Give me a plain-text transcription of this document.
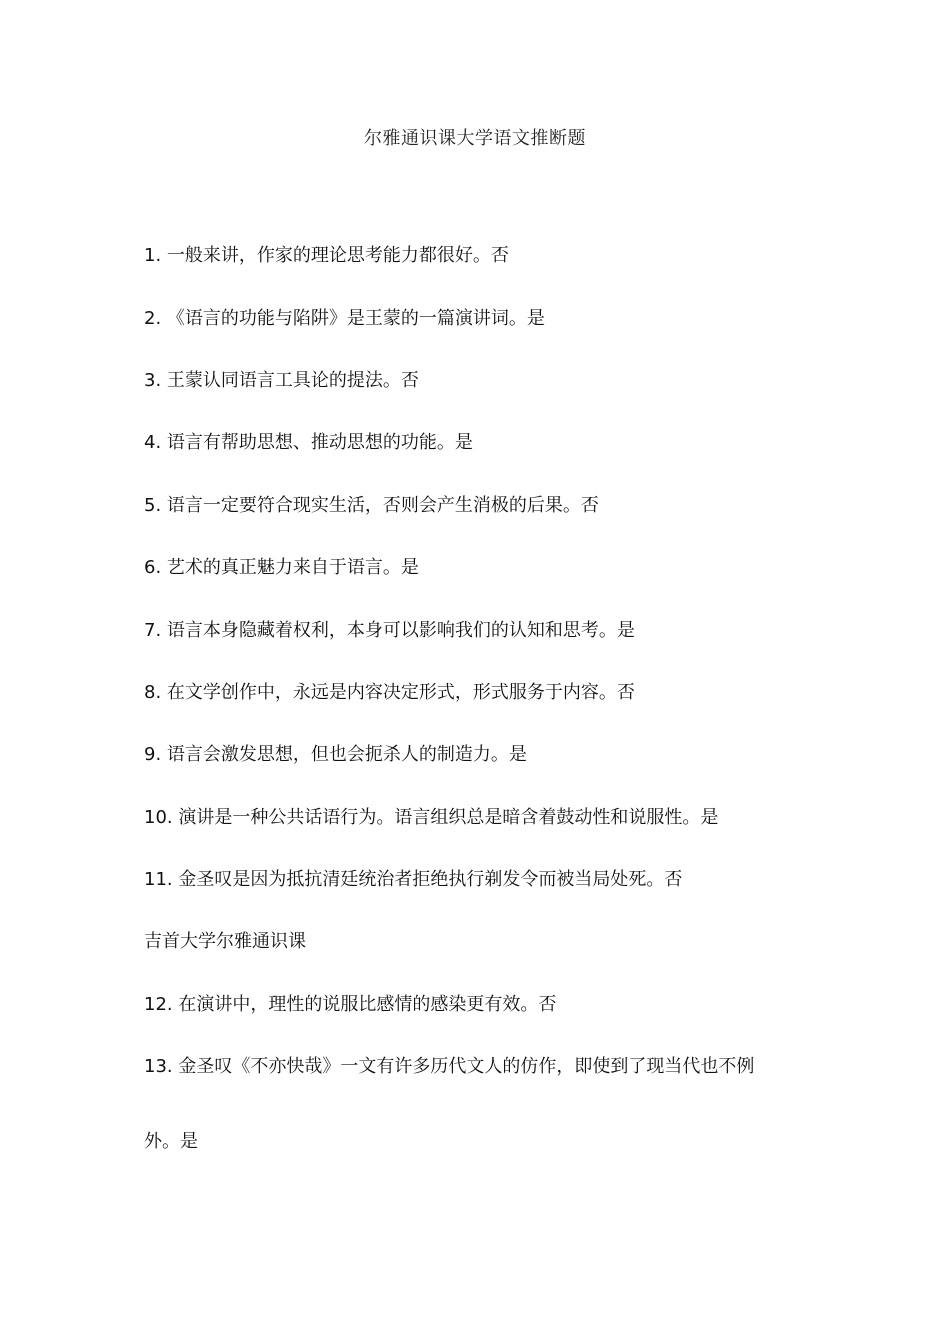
尔雅通识课大学语文推断题
1. 一般来讲，作家的理论思考能力都很好。否
2. 《语言的功能与陷阱》是王蒙的一篇演讲词。是
3. 王蒙认同语言工具论的提法。否
4. 语言有帮助思想、推动思想的功能。是
5. 语言一定要符合现实生活，否则会产生消极的后果。否
6. 艺术的真正魅力来自于语言。是
7. 语言本身隐藏着权利，本身可以影响我们的认知和思考。是
8. 在文学创作中，永远是内容决定形式，形式服务于内容。否
9. 语言会激发思想，但也会扼杀人的制造力。是
10. 演讲是一种公共话语行为。语言组织总是暗含着鼓动性和说服性。是
11. 金圣叹是因为抵抗清廷统治者拒绝执行剃发令而被当局处死。否
吉首大学尔雅通识课
12. 在演讲中，理性的说服比感情的感染更有效。否
13. 金圣叹《不亦快哉》一文有许多历代文人的仿作，即使到了现当代也不例
外。是
